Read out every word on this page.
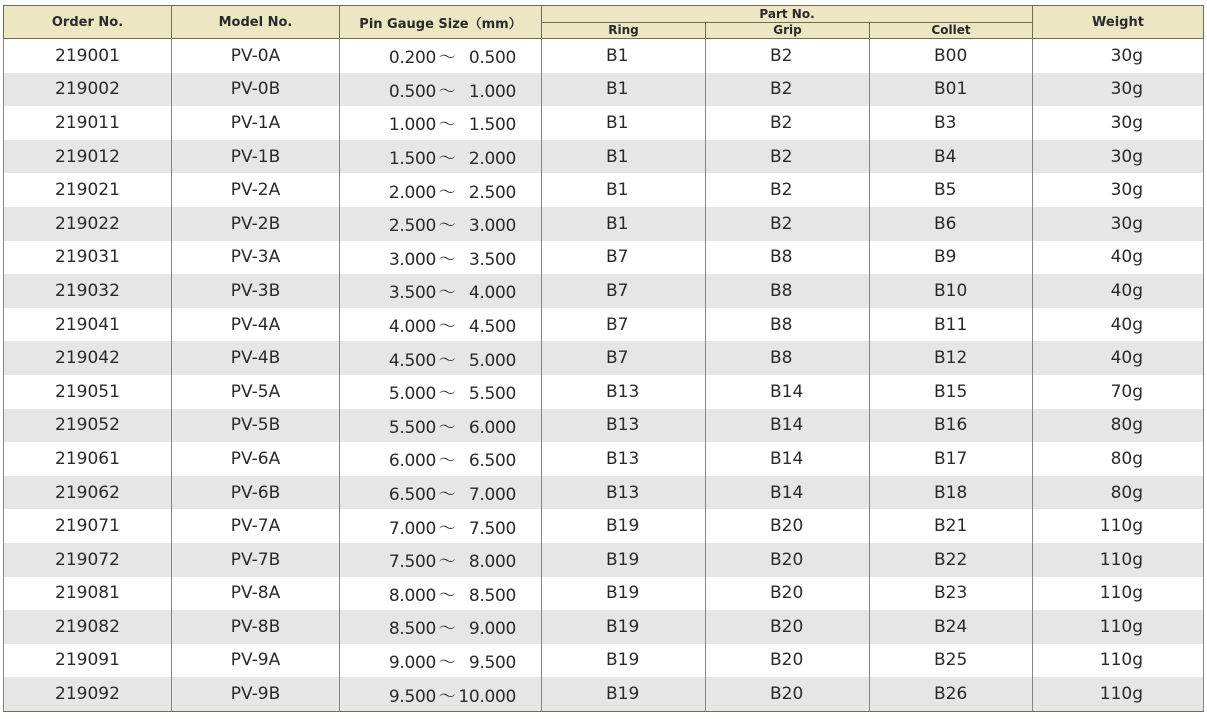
Order No.	Model No.	Pin Gauge Size（mm）	Part No.			Weight
			Ring	Grip	Collet	
219001	PV-0A	0.200 ～ 0.500	B1	B2	B00	30g
219002	PV-0B	0.500 ～ 1.000	B1	B2	B01	30g
219011	PV-1A	1.000 ～ 1.500	B1	B2	B3	30g
219012	PV-1B	1.500 ～ 2.000	B1	B2	B4	30g
219021	PV-2A	2.000 ～ 2.500	B1	B2	B5	30g
219022	PV-2B	2.500 ～ 3.000	B1	B2	B6	30g
219031	PV-3A	3.000 ～ 3.500	B7	B8	B9	40g
219032	PV-3B	3.500 ～ 4.000	B7	B8	B10	40g
219041	PV-4A	4.000 ～ 4.500	B7	B8	B11	40g
219042	PV-4B	4.500 ～ 5.000	B7	B8	B12	40g
219051	PV-5A	5.000 ～ 5.500	B13	B14	B15	70g
219052	PV-5B	5.500 ～ 6.000	B13	B14	B16	80g
219061	PV-6A	6.000 ～ 6.500	B13	B14	B17	80g
219062	PV-6B	6.500 ～ 7.000	B13	B14	B18	80g
219071	PV-7A	7.000 ～ 7.500	B19	B20	B21	110g
219072	PV-7B	7.500 ～ 8.000	B19	B20	B22	110g
219081	PV-8A	8.000 ～ 8.500	B19	B20	B23	110g
219082	PV-8B	8.500 ～ 9.000	B19	B20	B24	110g
219091	PV-9A	9.000 ～ 9.500	B19	B20	B25	110g
219092	PV-9B	9.500 ～ 10.000	B19	B20	B26	110g
